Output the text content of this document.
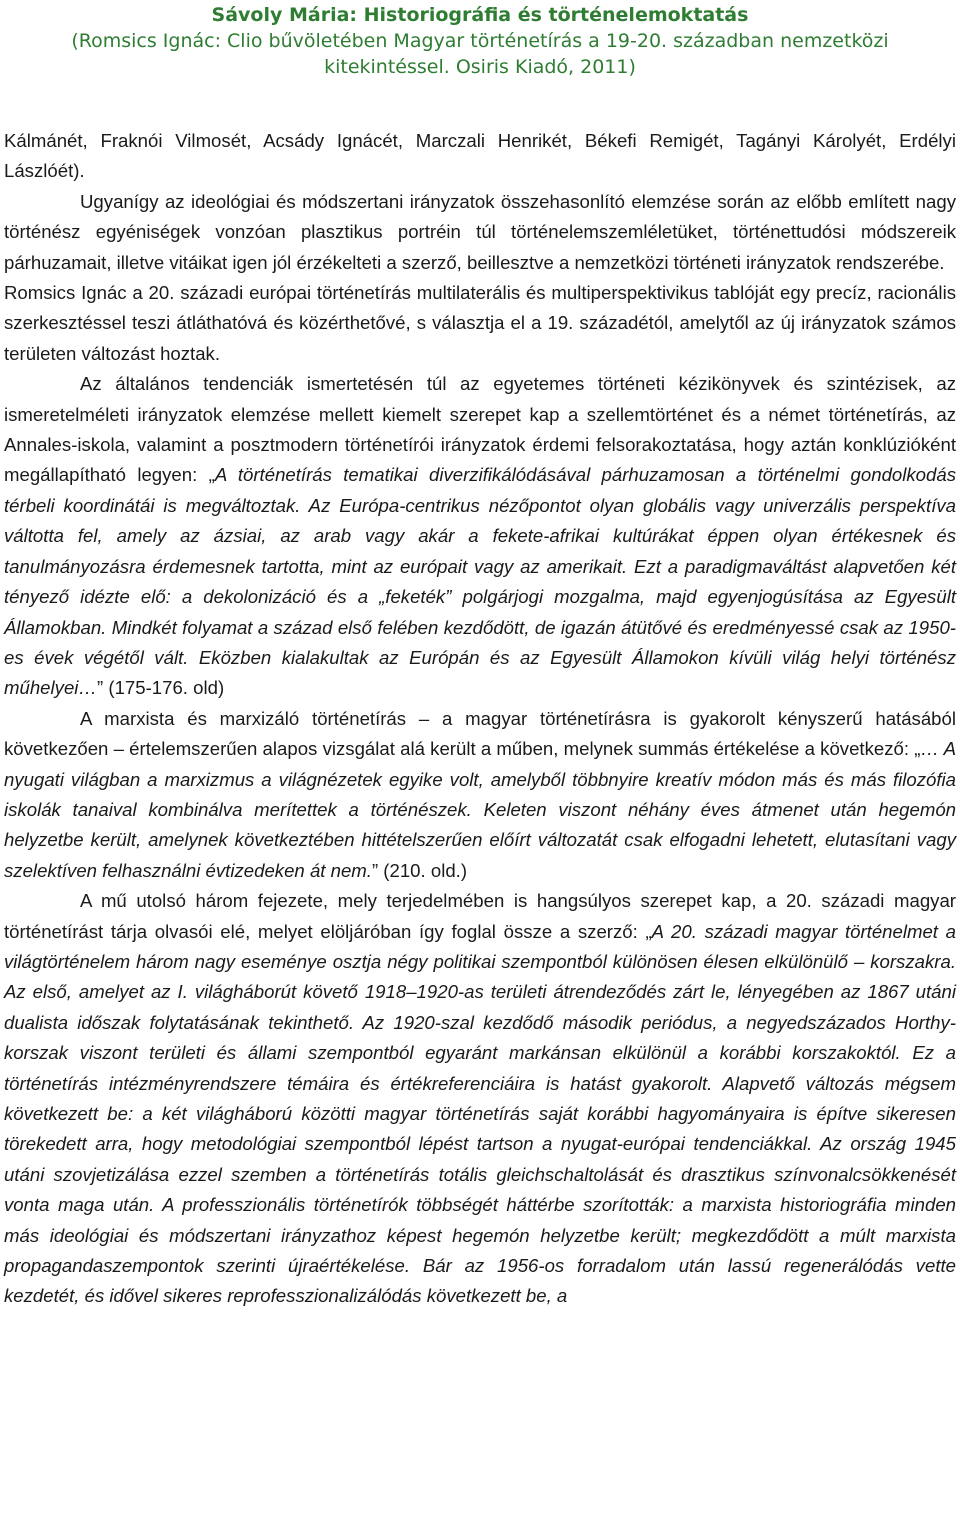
Sávoly Mária: Historiográfia és történelemoktatás
(Romsics Ignác: Clio bűvöletében Magyar történetírás a 19-20. században nemzetközi kitekintéssel. Osiris Kiadó, 2011)

Kálmánét, Fraknói Vilmosét, Acsády Ignácét, Marczali Henrikét, Békefi Remigét, Tagányi Károlyét, Erdélyi Lászlóét).

Ugyanígy az ideológiai és módszertani irányzatok összehasonlító elemzése során az előbb említett nagy történész egyéniségek vonzóan plasztikus portréin túl történelemszemléletüket, történettudósi módszereik párhuzamait, illetve vitáikat igen jól érzékelteti a szerző, beillesztve a nemzetközi történeti irányzatok rendszerébe.

Romsics Ignác a 20. századi európai történetírás multilaterális és multiperspektivikus tablóját egy precíz, racionális szerkesztéssel teszi átláthatóvá és közérthetővé, s választja el a 19. századétól, amelytől az új irányzatok számos területen változást hoztak.

Az általános tendenciák ismertetésén túl az egyetemes történeti kézikönyvek és szintézisek, az ismeretelméleti irányzatok elemzése mellett kiemelt szerepet kap a szellemtörténet és a német történetírás, az Annales-iskola, valamint a posztmodern történetírói irányzatok érdemi felsorakoztatása, hogy aztán konklúzióként megállapítható legyen: „A történetírás tematikai diverzifikálódásával párhuzamosan a történelmi gondolkodás térbeli koordinátái is megváltoztak. Az Európa-centrikus nézőpontot olyan globális vagy univerzális perspektíva váltotta fel, amely az ázsiai, az arab vagy akár a fekete-afrikai kultúrákat éppen olyan értékesnek és tanulmányozásra érdemesnek tartotta, mint az európait vagy az amerikait. Ezt a paradigmaváltást alapvetően két tényező idézte elő: a dekolonizáció és a „feketék” polgárjogi mozgalma, majd egyenjogúsítása az Egyesült Államokban. Mindkét folyamat a század első felében kezdődött, de igazán átütővé és eredményessé csak az 1950-es évek végétől vált. Eközben kialakultak az Európán és az Egyesült Államokon kívüli világ helyi történész műhelyei…” (175-176. old)

A marxista és marxizáló történetírás – a magyar történetírásra is gyakorolt kényszerű hatásából következően – értelemszerűen alapos vizsgálat alá került a műben, melynek summás értékelése a következő: „… A nyugati világban a marxizmus a világnézetek egyike volt, amelyből többnyire kreatív módon más és más filozófia iskolák tanaival kombinálva merítettek a történészek. Keleten viszont néhány éves átmenet után hegemón helyzetbe került, amelynek következtében hittételszerűen előírt változatát csak elfogadni lehetett, elutasítani vagy szelektíven felhasználni évtizedeken át nem.” (210. old.)

A mű utolsó három fejezete, mely terjedelmében is hangsúlyos szerepet kap, a 20. századi magyar történetírást tárja olvasói elé, melyet elöljáróban így foglal össze a szerző: „A 20. századi magyar történelmet a világtörténelem három nagy eseménye osztja négy politikai szempontból különösen élesen elkülönülő – korszakra. Az első, amelyet az I. világháborút követő 1918–1920-as területi átrendeződés zárt le, lényegében az 1867 utáni dualista időszak folytatásának tekinthető. Az 1920-szal kezdődő második periódus, a negyedszázados Horthy-korszak viszont területi és állami szempontból egyaránt markánsan elkülönül a korábbi korszakoktól. Ez a történetírás intézményrendszere témáira és értékreferenciáira is hatást gyakorolt. Alapvető változás mégsem következett be: a két világháború közötti magyar történetírás saját korábbi hagyományaira is építve sikeresen törekedett arra, hogy metodológiai szempontból lépést tartson a nyugat-európai tendenciákkal. Az ország 1945 utáni szovjetizálása ezzel szemben a történetírás totális gleichschaltolását és drasztikus színvonalcsökkenését vonta maga után. A professzionális történetírók többségét háttérbe szorították: a marxista historiográfia minden más ideológiai és módszertani irányzathoz képest hegemón helyzetbe került; megkezdődött a múlt marxista propagandaszempontok szerinti újraértékelése. Bár az 1956-os forradalom után lassú regenerálódás vette kezdetét, és idővel sikeres reprofesszionalizálódás következett be, a
